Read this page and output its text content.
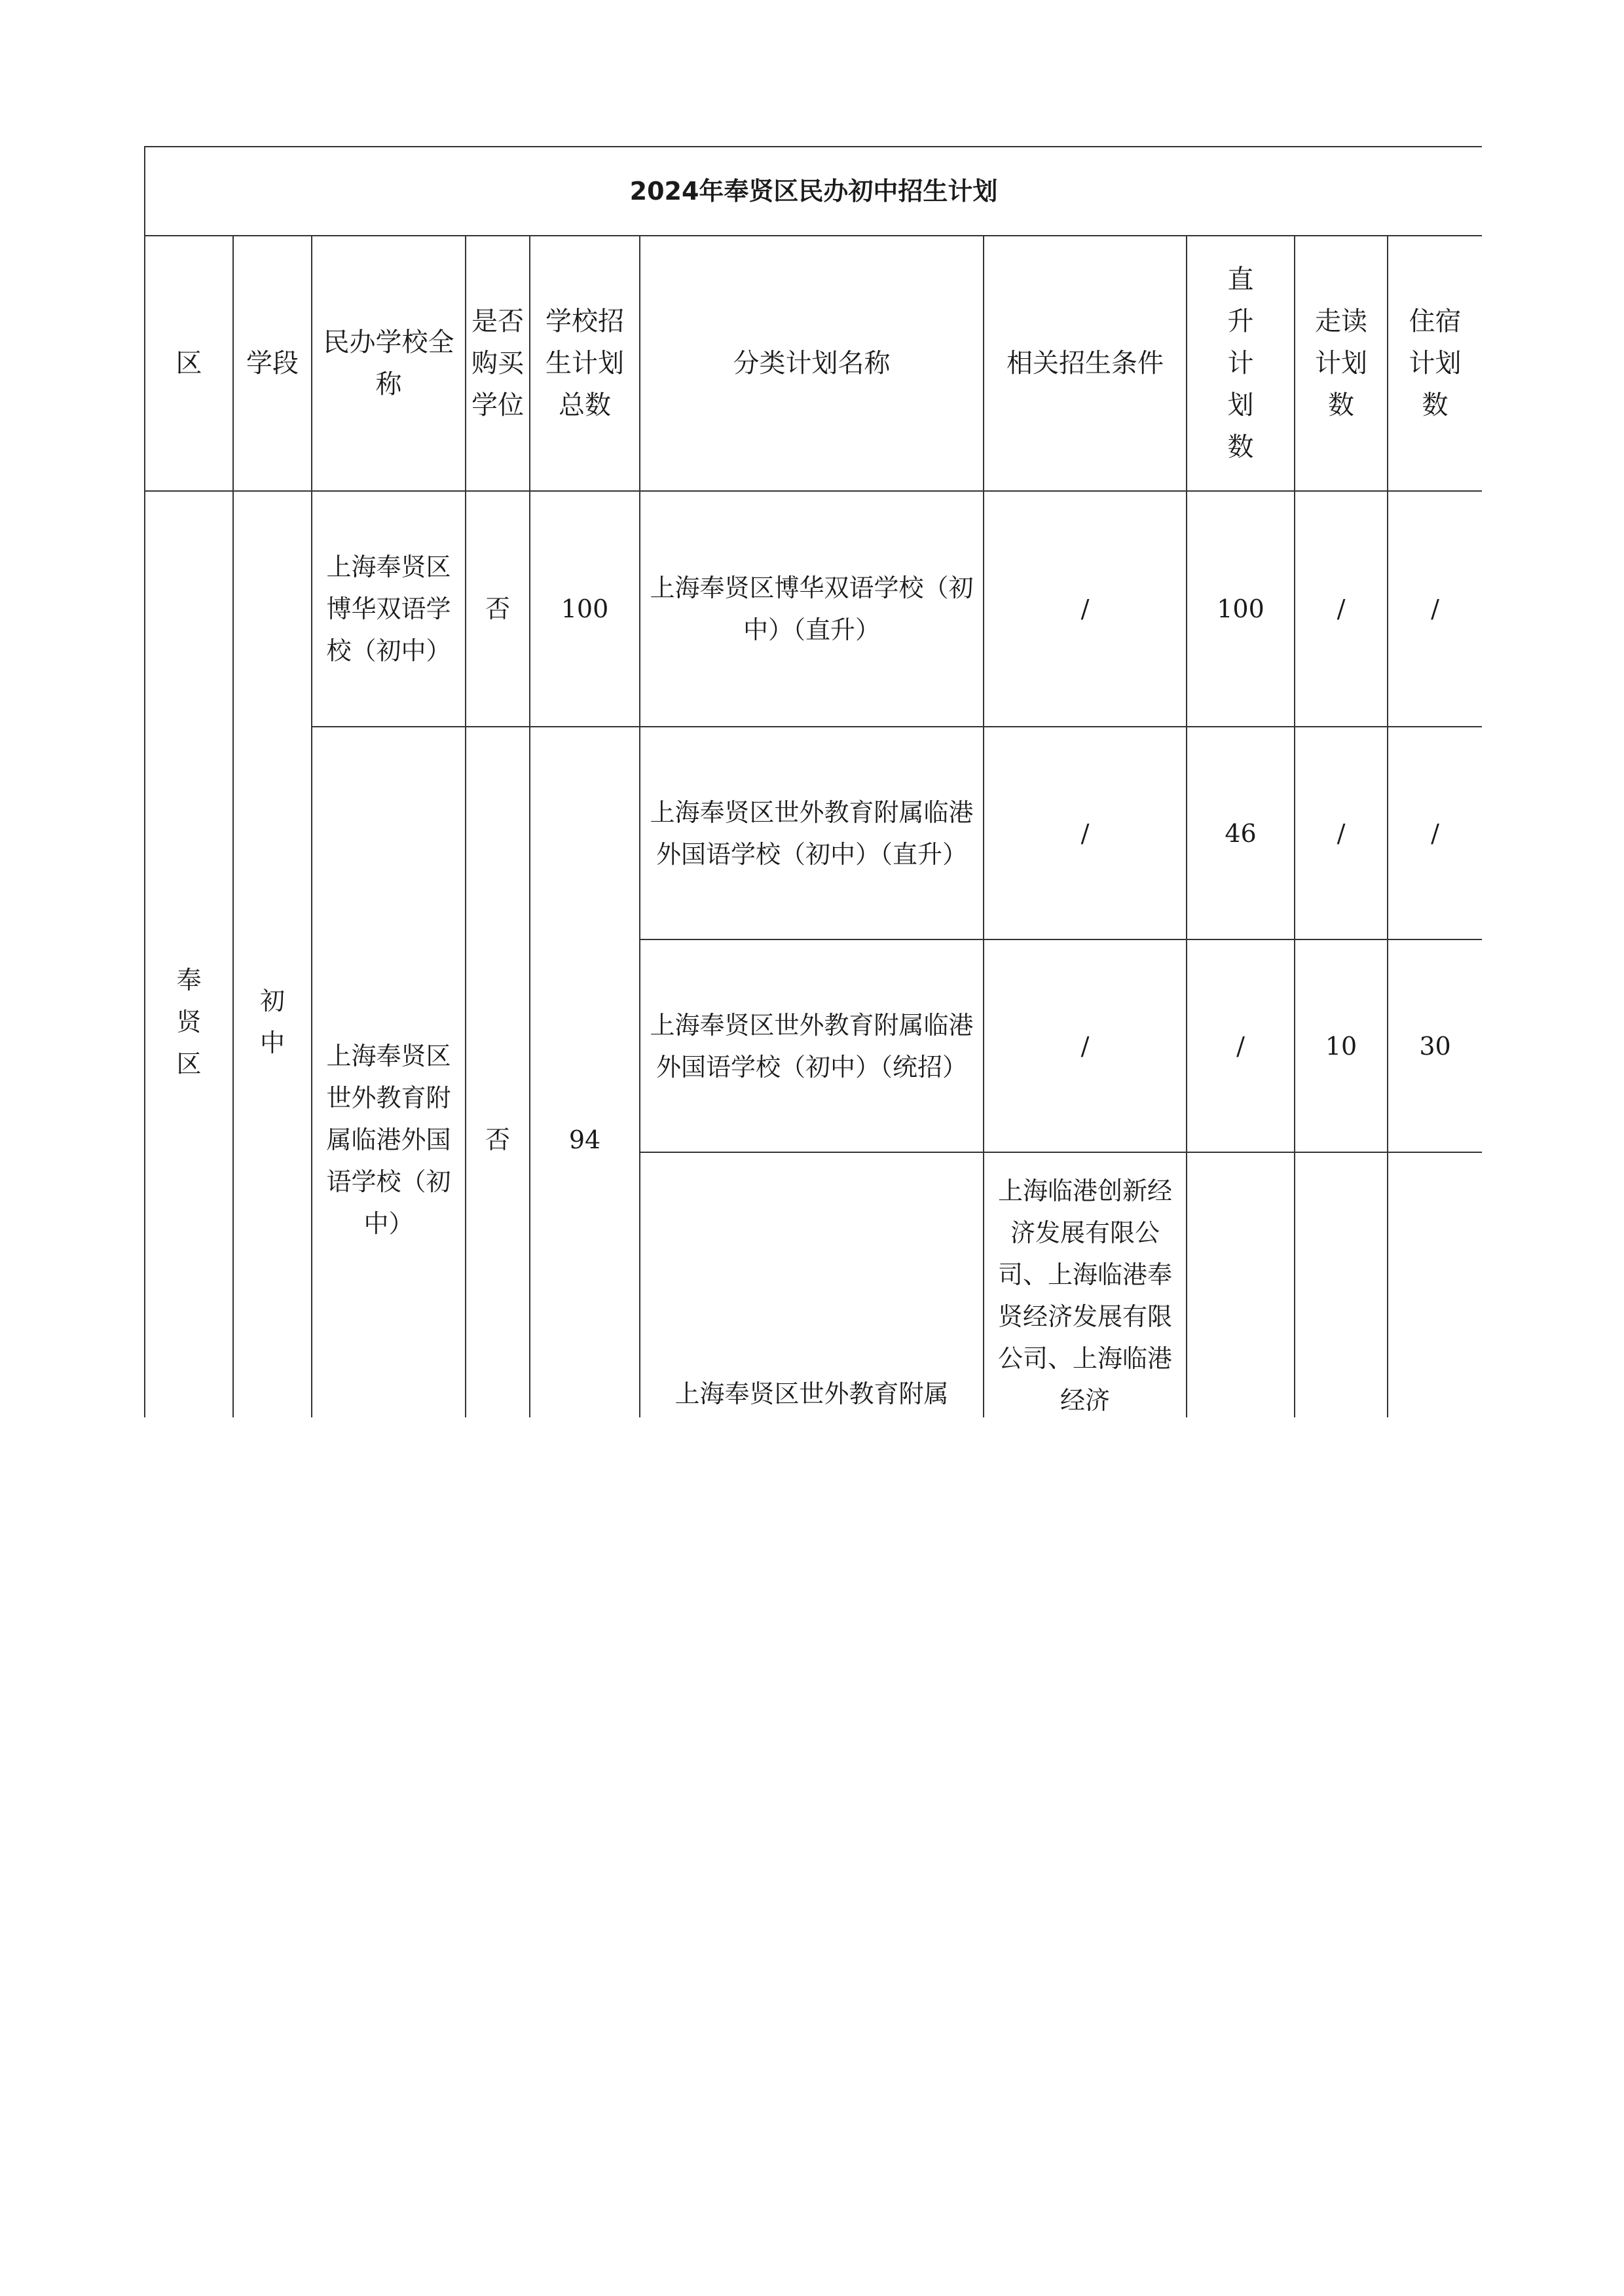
2024年奉贤区民办初中招生计划									
区	学段	民办学校全称	是否购买学位	学校招生计划总数	分类计划名称	相关招生条件	直升计划数	走读计划数	住宿计划数
奉贤区	初中	上海奉贤区博华双语学校（初中）	否	100	上海奉贤区博华双语学校（初中）（直升）	/	100	/	/
		上海奉贤区世外教育附属临港外国语学校（初中）	否	94	上海奉贤区世外教育附属临港外国语学校（初中）（直升）	/	46	/	/
					上海奉贤区世外教育附属临港外国语学校（初中）（统招）	/	/	10	30
					上海奉贤区世外教育附属	上海临港创新经济发展有限公司、上海临港奉贤经济发展有限公司、上海临港经济			
